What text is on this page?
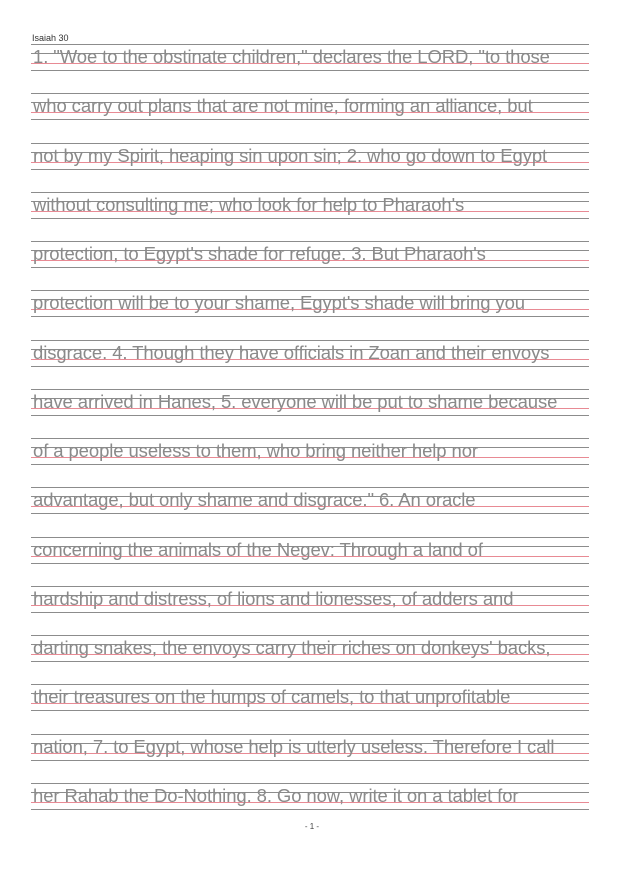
Isaiah 30
1. "Woe to the obstinate children," declares the LORD, "to those
who carry out plans that are not mine, forming an alliance, but
not by my Spirit, heaping sin upon sin; 2. who go down to Egypt
without consulting me; who look for help to Pharaoh's
protection, to Egypt's shade for refuge. 3. But Pharaoh's
protection will be to your shame, Egypt's shade will bring you
disgrace. 4. Though they have officials in Zoan and their envoys
have arrived in Hanes, 5. everyone will be put to shame because
of a people useless to them, who bring neither help nor
advantage, but only shame and disgrace." 6. An oracle
concerning the animals of the Negev: Through a land of
hardship and distress, of lions and lionesses, of adders and
darting snakes, the envoys carry their riches on donkeys' backs,
their treasures on the humps of camels, to that unprofitable
nation, 7. to Egypt, whose help is utterly useless. Therefore I call
her Rahab the Do-Nothing. 8. Go now, write it on a tablet for
- 1 -
